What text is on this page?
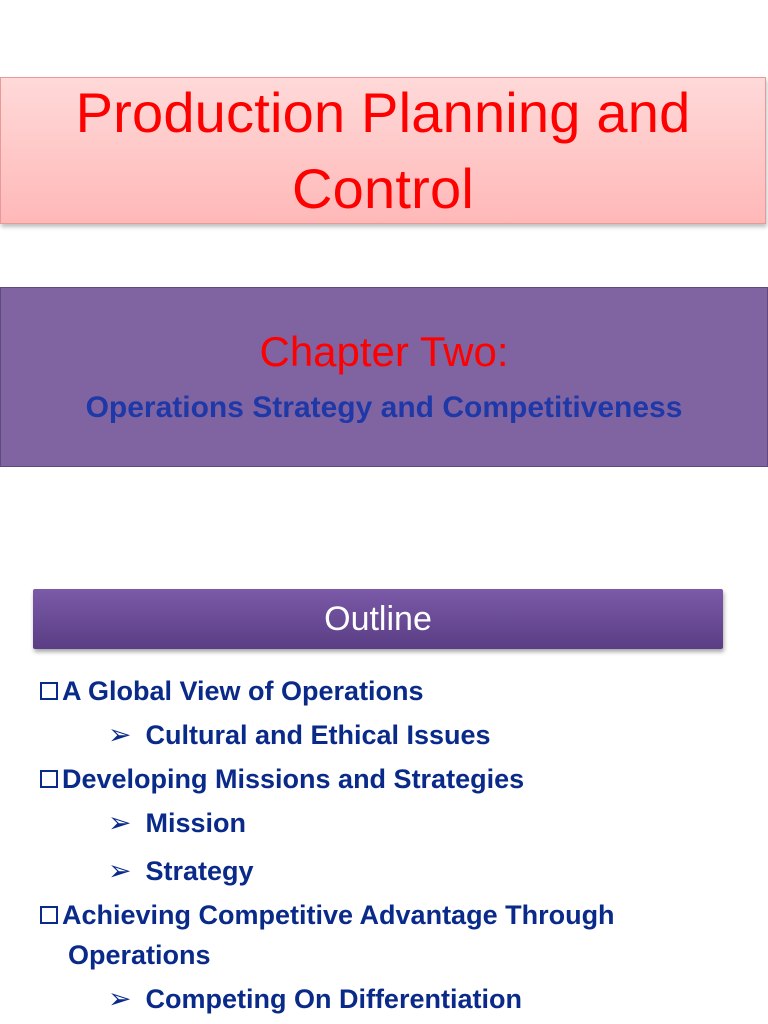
Production Planning and Control
Chapter Two:
Operations Strategy and Competitiveness
Outline
A Global View of Operations
➢ Cultural and Ethical Issues
Developing Missions and Strategies
➢ Mission
➢ Strategy
Achieving Competitive Advantage Through
Operations
➢ Competing On Differentiation
